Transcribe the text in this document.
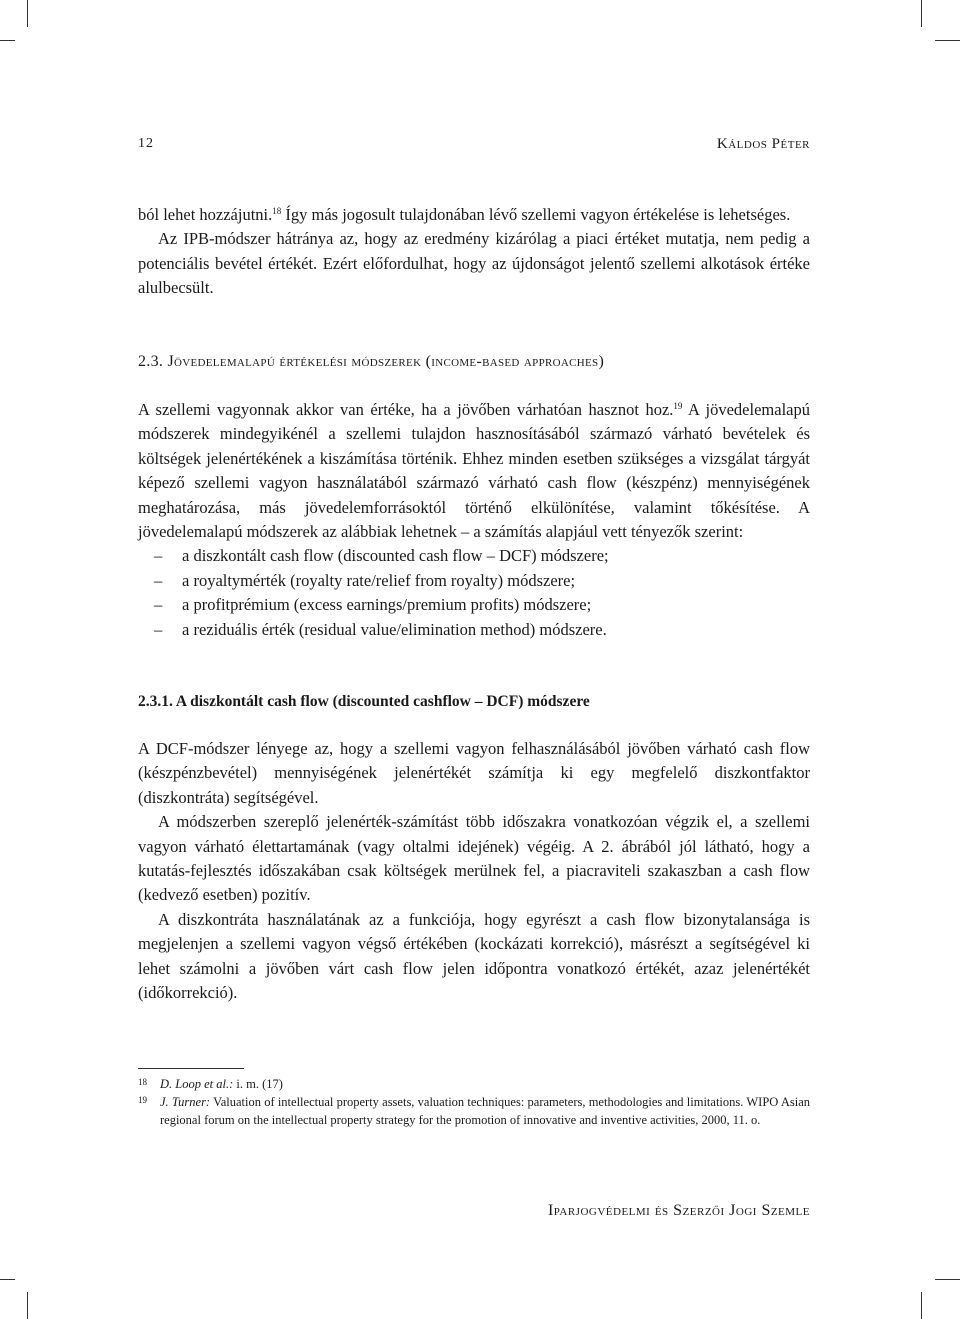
12	Káldos Péter

ból lehet hozzájutni.$^{18}$ Így más jogosult tulajdonában lévő szellemi vagyon értékelése is lehetséges.

Az IPB-módszer hátránya az, hogy az eredmény kizárólag a piaci értéket mutatja, nem pedig a potenciális bevétel értékét. Ezért előfordulhat, hogy az újdonságot jelentő szellemi alkotások értéke alulbecsült.

2.3. Jövedelemalapú értékelési módszerek (income-based approaches)

A szellemi vagyonnak akkor van értéke, ha a jövőben várhatóan hasznot hoz.$^{19}$ A jövedelemalapú módszerek mindegyikénél a szellemi tulajdon hasznosításából származó várható bevételek és költségek jelenértékének a kiszámítása történik. Ehhez minden esetben szükséges a vizsgálat tárgyát képező szellemi vagyon használatából származó várható cash flow (készpénz) mennyiségének meghatározása, más jövedelemforrásoktól történő elkülönítése, valamint tőkésítése. A jövedelemalapú módszerek az alábbiak lehetnek – a számítás alapjául vett tényezők szerint:

– a diszkontált cash flow (discounted cash flow – DCF) módszere;
– a royaltymérték (royalty rate/relief from royalty) módszere;
– a profitprémium (excess earnings/premium profits) módszere;
– a reziduális érték (residual value/elimination method) módszere.

2.3.1. A diszkontált cash flow (discounted cashflow – DCF) módszere

A DCF-módszer lényege az, hogy a szellemi vagyon felhasználásából jövőben várható cash flow (készpénzbevétel) mennyiségének jelenértékét számítja ki egy megfelelő diszkontfaktor (diszkontráta) segítségével.

A módszerben szereplő jelenérték-számítást több időszakra vonatkozóan végzik el, a szellemi vagyon várható élettartamának (vagy oltalmi idejének) végéig. A 2. ábrából jól látható, hogy a kutatás-fejlesztés időszakában csak költségek merülnek fel, a piacraviteli szakaszban a cash flow (kedvező esetben) pozitív.

A diszkontráta használatának az a funkciója, hogy egyrészt a cash flow bizonytalansága is megjelenjen a szellemi vagyon végső értékében (kockázati korrekció), másrészt a segítségével ki lehet számolni a jövőben várt cash flow jelen időpontra vonatkozó értékét, azaz jelenértékét (időkorrekció).

18 D. Loop et al.: i. m. (17)
19 J. Turner: Valuation of intellectual property assets, valuation techniques: parameters, methodologies and limitations. WIPO Asian regional forum on the intellectual property strategy for the promotion of innovative and inventive activities, 2000, 11. o.
Iparjogvédelmi és Szerzői Jogi Szemle
